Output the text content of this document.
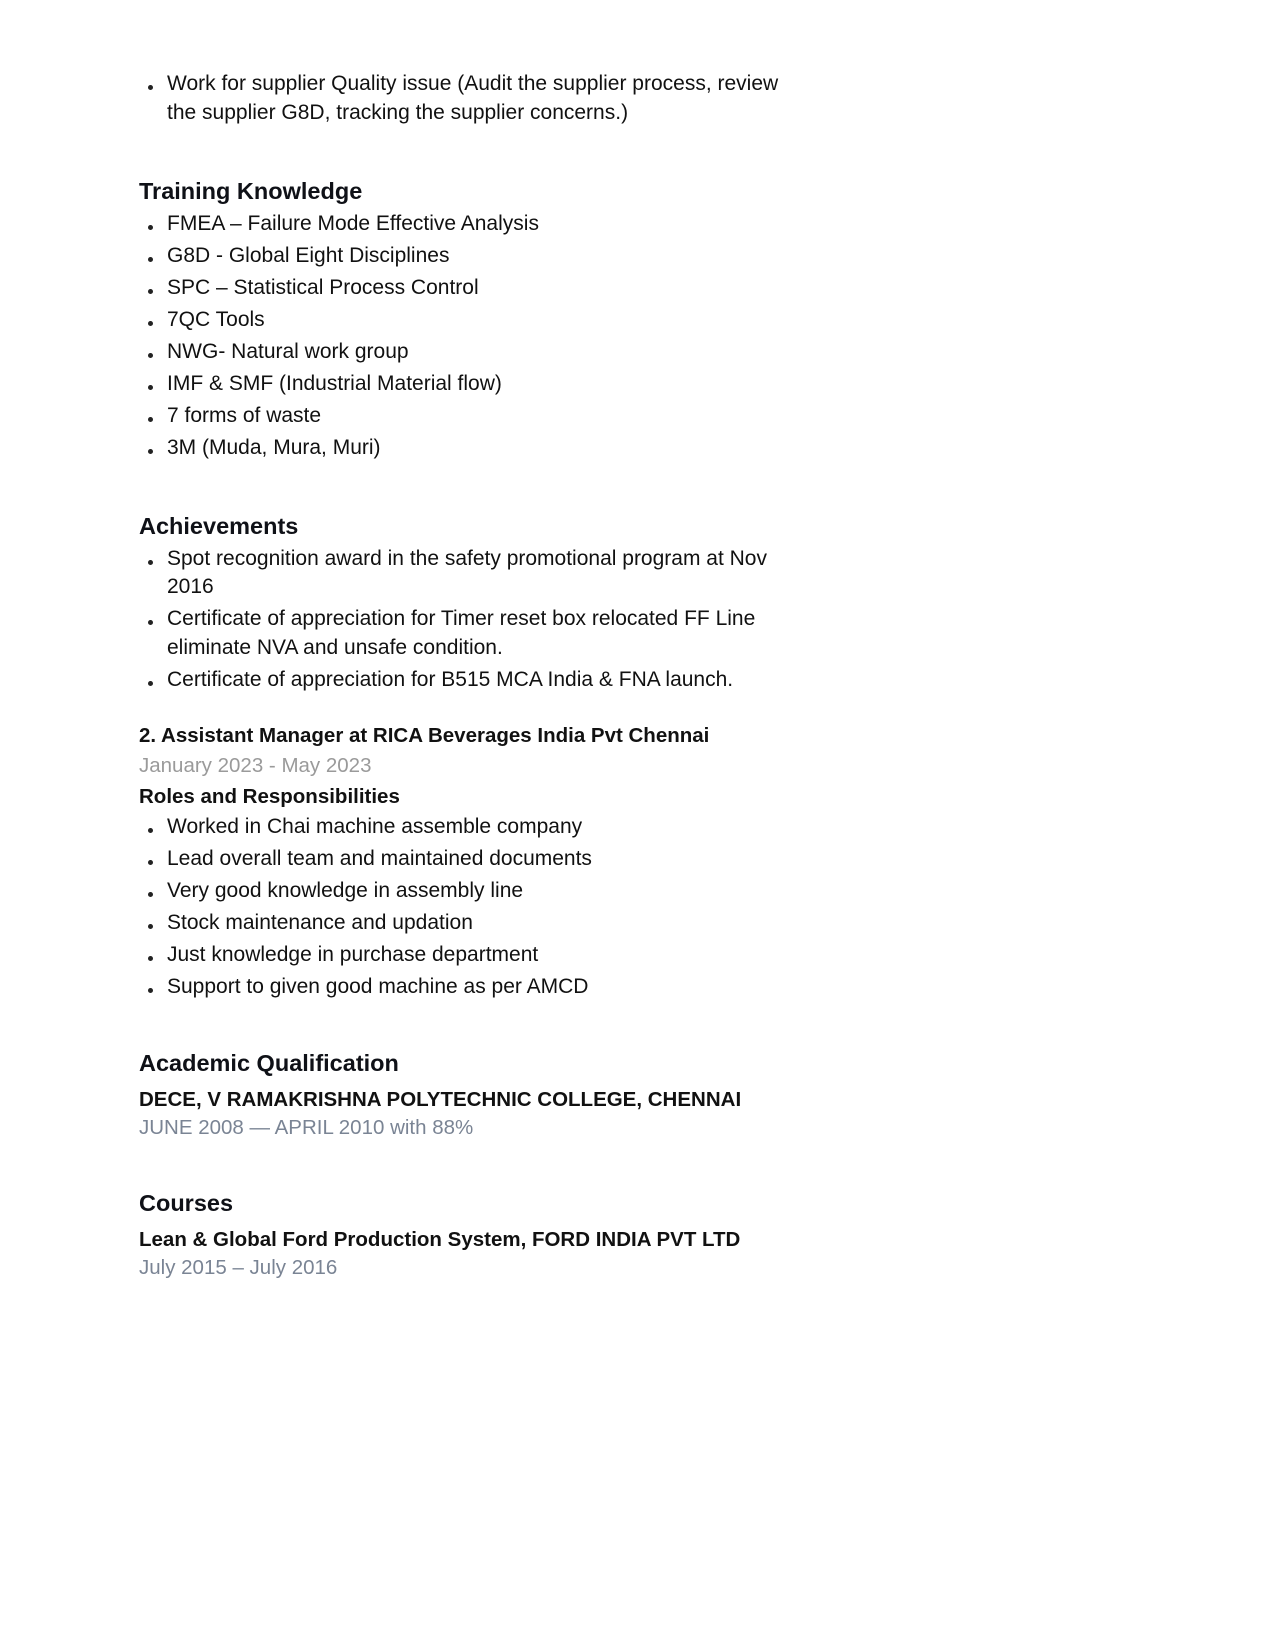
Work for supplier Quality issue (Audit the supplier process, review the supplier G8D, tracking the supplier concerns.)
Training Knowledge
FMEA – Failure Mode Effective Analysis
G8D - Global Eight Disciplines
SPC – Statistical Process Control
7QC Tools
NWG- Natural work group
IMF & SMF (Industrial Material flow)
7 forms of waste
3M (Muda, Mura, Muri)
Achievements
Spot recognition award in the safety promotional program at Nov 2016
Certificate of appreciation for Timer reset box relocated FF Line eliminate NVA and unsafe condition.
Certificate of appreciation for B515 MCA India & FNA launch.
2. Assistant Manager at RICA Beverages India Pvt Chennai
January 2023 - May 2023
Roles and Responsibilities
Worked in Chai machine assemble company
Lead overall team and maintained documents
Very good knowledge in assembly line
Stock maintenance and updation
Just knowledge in purchase department
Support to given good machine as per AMCD
Academic Qualification
DECE, V RAMAKRISHNA POLYTECHNIC COLLEGE, CHENNAI
JUNE 2008 — APRIL 2010 with 88%
Courses
Lean & Global Ford Production System, FORD INDIA PVT LTD
July 2015 – July 2016
